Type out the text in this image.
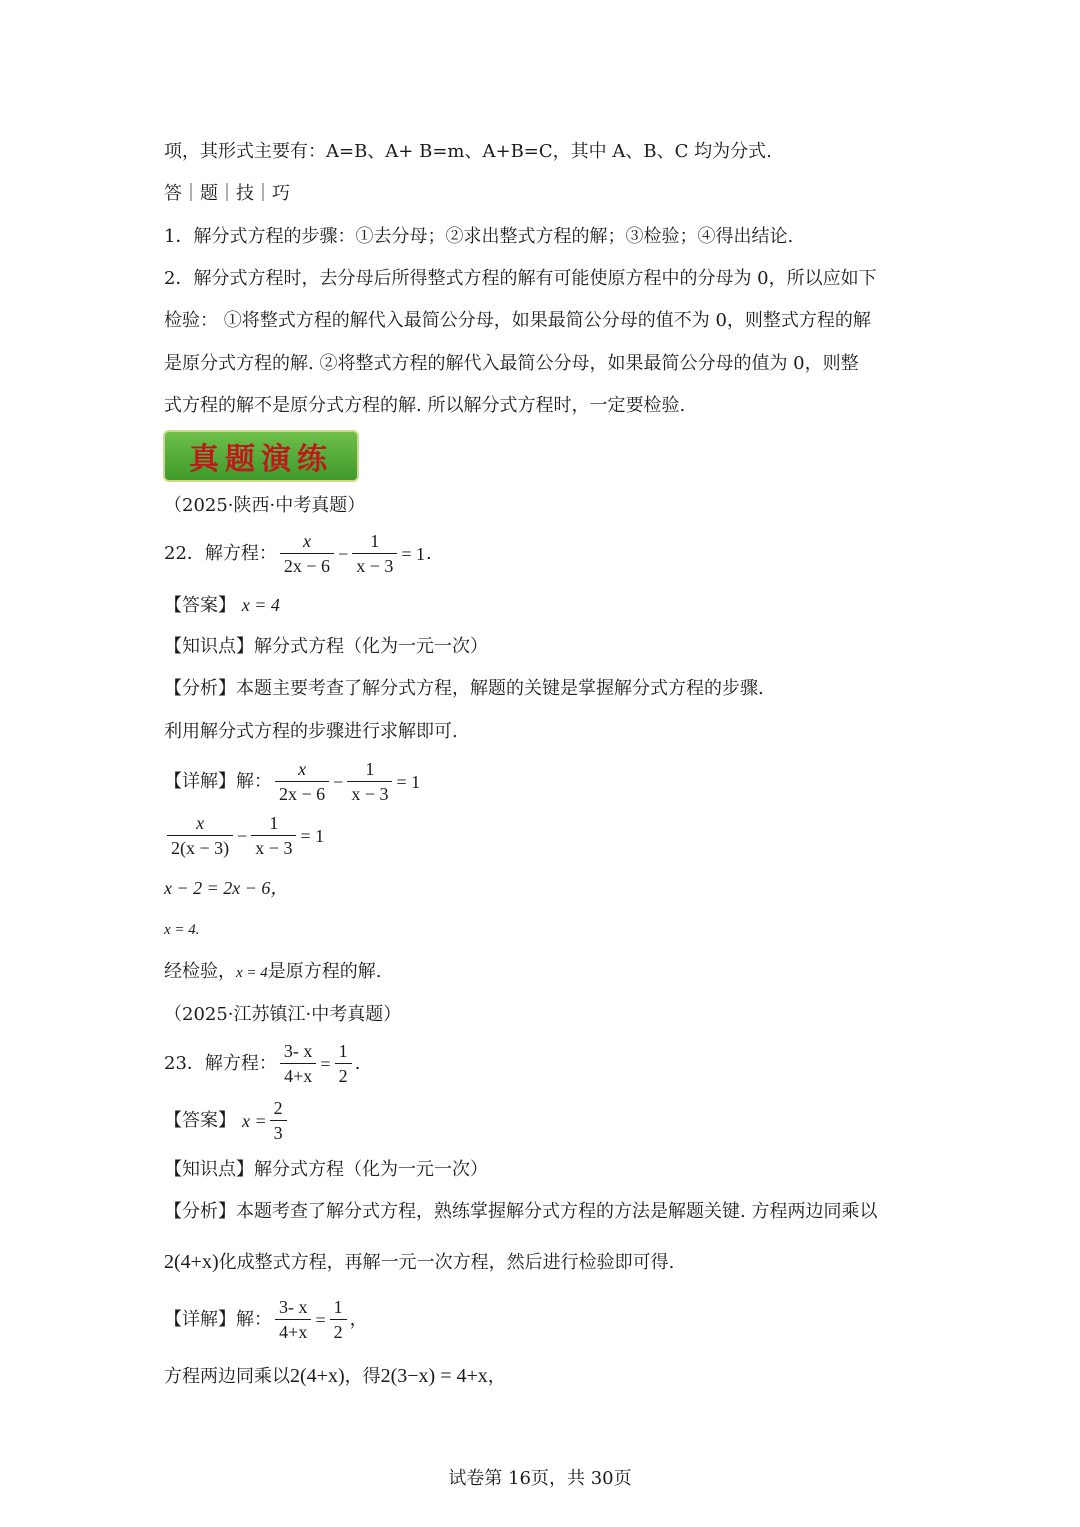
项，其形式主要有：A=B、A+ B=m、A+B=C，其中 A、B、C 均为分式.
答｜题｜技｜巧
1．解分式方程的步骤：①去分母；②求出整式方程的解；③检验；④得出结论.
2．解分式方程时，去分母后所得整式方程的解有可能使原方程中的分母为 0，所以应如下
检验： ①将整式方程的解代入最简公分母，如果最简公分母的值不为 0，则整式方程的解
是原分式方程的解. ②将整式方程的解代入最简公分母，如果最简公分母的值为 0，则整
式方程的解不是原分式方程的解. 所以解分式方程时，一定要检验.
真题演练
（2025·陕西·中考真题）
22．解方程： $\frac{x}{2x - 6} - \frac{1}{x - 3} = 1$ .
【答案】 x = 4
【知识点】解分式方程（化为一元一次）
【分析】本题主要考查了解分式方程，解题的关键是掌握解分式方程的步骤.
利用解分式方程的步骤进行求解即可.
【详解】解： $\frac{x}{2x - 6} - \frac{1}{x - 3} = 1$
$\frac{x}{2(x - 3)} - \frac{1}{x - 3} = 1$
x − 2 = 2x − 6，
x = 4.
经检验，x = 4是原方程的解.
（2025·江苏镇江·中考真题）
23．解方程： $\frac{3- x}{4+x} = \frac{1}{2}$ .
【答案】 $x = \frac{2}{3}$
【知识点】解分式方程（化为一元一次）
【分析】本题考查了解分式方程，熟练掌握解分式方程的方法是解题关键. 方程两边同乘以
2(4+x)化成整式方程，再解一元一次方程，然后进行检验即可得.
【详解】解： $\frac{3- x}{4+x} = \frac{1}{2}$ ，
方程两边同乘以2(4+x)，得2(3−x) = 4+x，
试卷第 16页，共 30页
